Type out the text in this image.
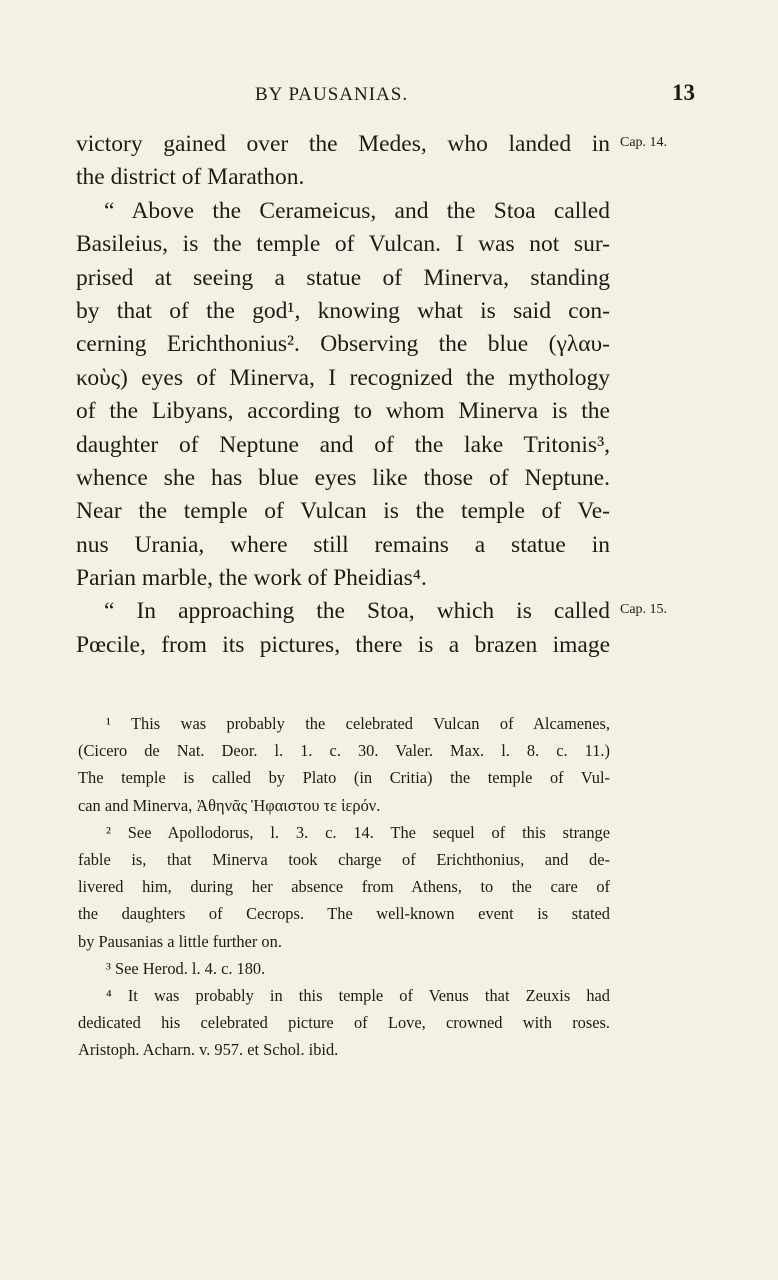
BY PAUSANIAS.	13
Cap. 14.
Cap. 15.
victory gained over the Medes, who landed in
the district of Marathon.
“ Above the Cerameicus, and the Stoa called
Basileius, is the temple of Vulcan. I was not sur-
prised at seeing a statue of Minerva, standing
by that of the god¹, knowing what is said con-
cerning Erichthonius². Observing the blue (γλαυ-
κοὺς) eyes of Minerva, I recognized the mythology
of the Libyans, according to whom Minerva is the
daughter of Neptune and of the lake Tritonis³,
whence she has blue eyes like those of Neptune.
Near the temple of Vulcan is the temple of Ve-
nus Urania, where still remains a statue in
Parian marble, the work of Pheidias⁴.
“ In approaching the Stoa, which is called
Pœcile, from its pictures, there is a brazen image
¹ This was probably the celebrated Vulcan of Alcamenes,
(Cicero de Nat. Deor. l. 1. c. 30. Valer. Max. l. 8. c. 11.)
The temple is called by Plato (in Critia) the temple of Vul-
can and Minerva, Ἀθηνᾶς Ἡφαιστου τε ἱερόν.
² See Apollodorus, l. 3. c. 14. The sequel of this strange
fable is, that Minerva took charge of Erichthonius, and de-
livered him, during her absence from Athens, to the care of
the daughters of Cecrops. The well-known event is stated
by Pausanias a little further on.
³ See Herod. l. 4. c. 180.
⁴ It was probably in this temple of Venus that Zeuxis had
dedicated his celebrated picture of Love, crowned with roses.
Aristoph. Acharn. v. 957. et Schol. ibid.
